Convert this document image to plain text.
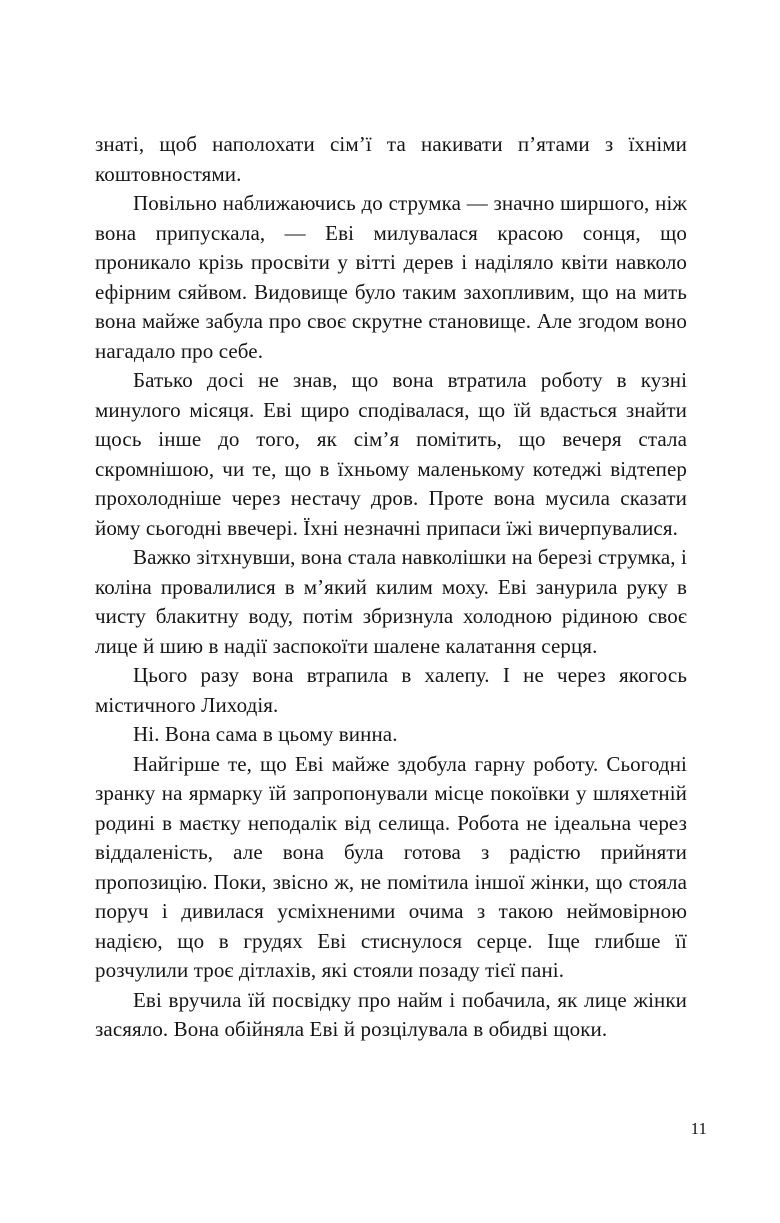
знаті, щоб наполохати сім’ї та накивати п’ятами з їхніми коштовностями.

Повільно наближаючись до струмка — значно ширшого, ніж вона припускала, — Еві милувалася красою сонця, що проникало крізь просвіти у вітті дерев і наділяло квіти навколо ефірним сяйвом. Видовище було таким захопливим, що на мить вона майже забула про своє скрутне становище. Але згодом воно нагадало про себе.

Батько досі не знав, що вона втратила роботу в кузні минулого місяця. Еві щиро сподівалася, що їй вдасться знайти щось інше до того, як сім’я помітить, що вечеря стала скромнішою, чи те, що в їхньому маленькому котеджі відтепер прохолодніше через нестачу дров. Проте вона мусила сказати йому сьогодні ввечері. Їхні незначні припаси їжі вичерпувалися.

Важко зітхнувши, вона стала навколішки на березі струмка, і коліна провалилися в м’який килим моху. Еві занурила руку в чисту блакитну воду, потім збризнула холодною рідиною своє лице й шию в надії заспокоїти шалене калатання серця.

Цього разу вона втрапила в халепу. І не через якогось містичного Лиходія.

Ні. Вона сама в цьому винна.

Найгірше те, що Еві майже здобула гарну роботу. Сьогодні зранку на ярмарку їй запропонували місце покоївки у шляхетній родині в маєтку неподалік від селища. Робота не ідеальна через віддаленість, але вона була готова з радістю прийняти пропозицію. Поки, звісно ж, не помітила іншої жінки, що стояла поруч і дивилася усміхненими очима з такою неймовірною надією, що в грудях Еві стиснулося серце. Іще глибше її розчулили троє дітлахів, які стояли позаду тієї пані.

Еві вручила їй посвідку про найм і побачила, як лице жінки засяяло. Вона обійняла Еві й розцілувала в обидві щоки.

11
